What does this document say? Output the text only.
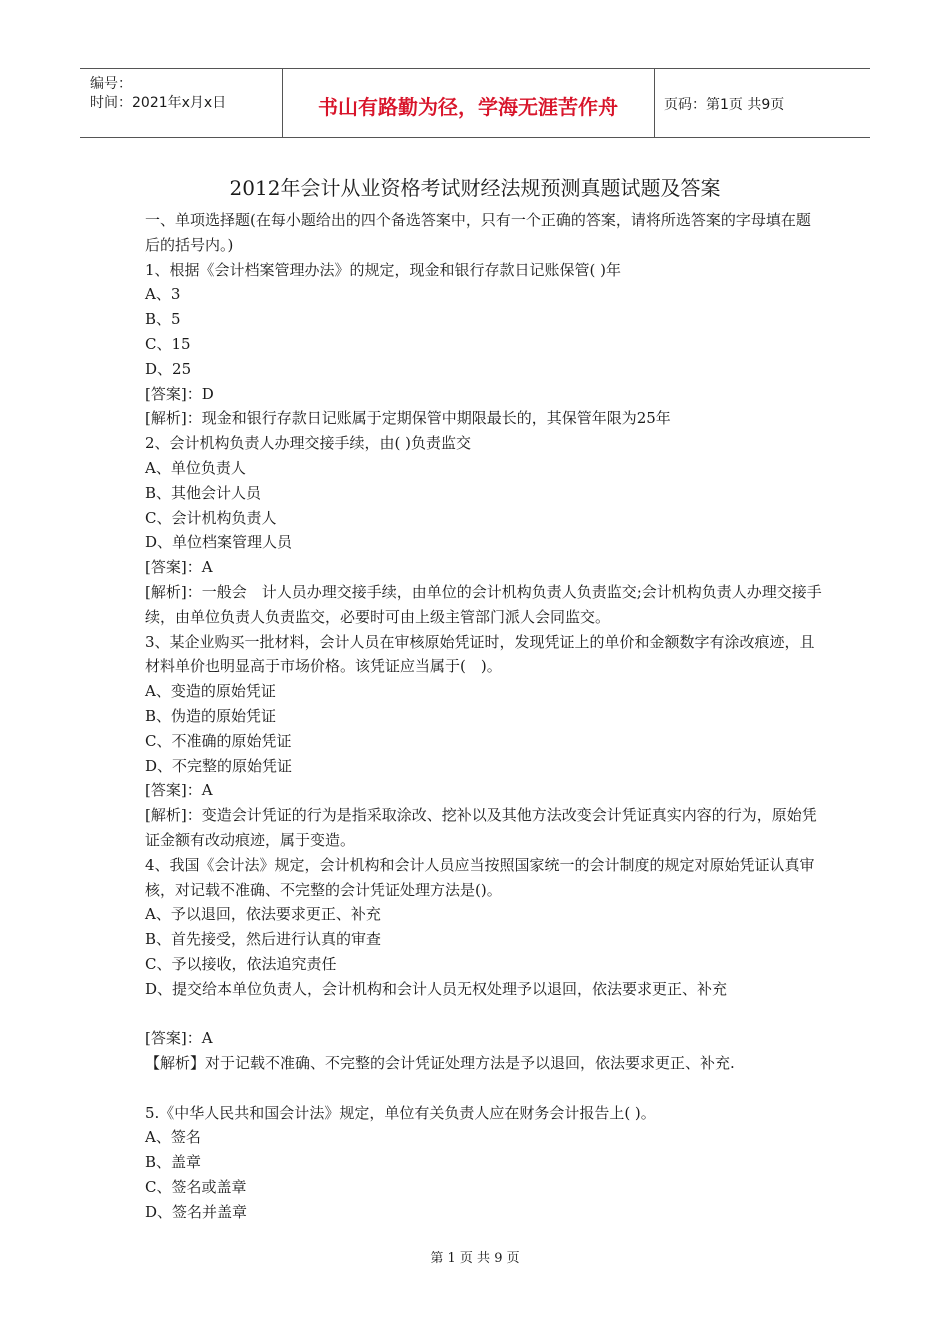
编号：
时间：2021年x月x日	书山有路勤为径，学海无涯苦作舟	页码：第1页 共9页
2012年会计从业资格考试财经法规预测真题试题及答案
一、单项选择题(在每小题给出的四个备选答案中，只有一个正确的答案，请将所选答案的字母填在题后的括号内。)
1、根据《会计档案管理办法》的规定，现金和银行存款日记账保管( )年
A、3
B、5
C、15
D、25
[答案]：D
[解析]：现金和银行存款日记账属于定期保管中期限最长的，其保管年限为25年
2、会计机构负责人办理交接手续，由( )负责监交
A、单位负责人
B、其他会计人员
C、会计机构负责人
D、单位档案管理人员
[答案]：A
[解析]：一般会　计人员办理交接手续，由单位的会计机构负责人负责监交;会计机构负责人办理交接手续，由单位负责人负责监交，必要时可由上级主管部门派人会同监交。
3、某企业购买一批材料，会计人员在审核原始凭证时，发现凭证上的单价和金额数字有涂改痕迹，且材料单价也明显高于市场价格。该凭证应当属于(　)。
A、变造的原始凭证
B、伪造的原始凭证
C、不准确的原始凭证
D、不完整的原始凭证
[答案]：A
[解析]：变造会计凭证的行为是指采取涂改、挖补以及其他方法改变会计凭证真实内容的行为，原始凭证金额有改动痕迹，属于变造。
4、我国《会计法》规定，会计机构和会计人员应当按照国家统一的会计制度的规定对原始凭证认真审核，对记载不准确、不完整的会计凭证处理方法是()。
A、予以退回，依法要求更正、补充
B、首先接受，然后进行认真的审查
C、予以接收，依法追究责任
D、提交给本单位负责人，会计机构和会计人员无权处理予以退回，依法要求更正、补充
[答案]：A
【解析】对于记载不准确、不完整的会计凭证处理方法是予以退回，依法要求更正、补充.
5.《中华人民共和国会计法》规定，单位有关负责人应在财务会计报告上( )。
A、签名
B、盖章
C、签名或盖章
D、签名并盖章
第 1 页 共 9 页
